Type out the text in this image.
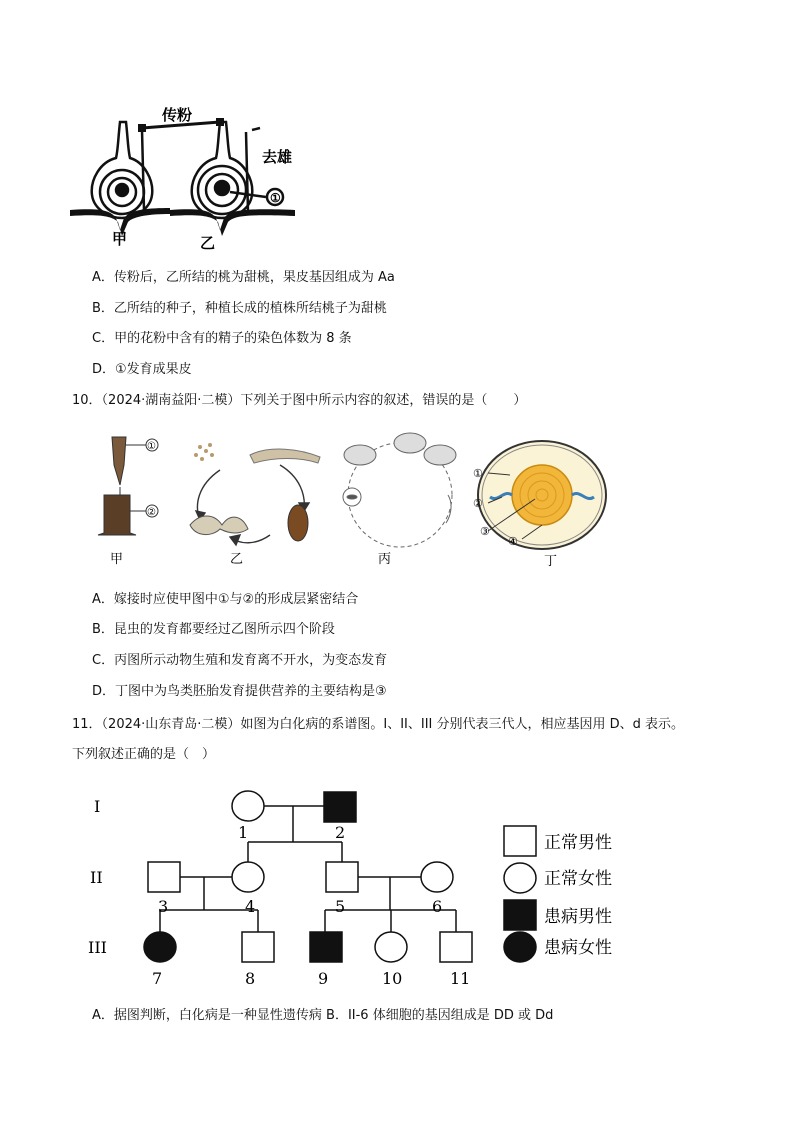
传粉
①
去雄
甲	乙
A．传粉后，乙所结的桃为甜桃，果皮基因组成为 Aa
B．乙所结的种子，种植长成的植株所结桃子为甜桃
C．甲的花粉中含有的精子的染色体数为 8 条
D．①发育成果皮
10．（2024·湖南益阳·二模）下列关于图中所示内容的叙述，错误的是（　　）
①
②
甲	乙	丙
①
②
③
④
丁
A．嫁接时应使甲图中①与②的形成层紧密结合
B．昆虫的发育都要经过乙图所示四个阶段
C．丙图所示动物生殖和发育离不开水，为变态发育
D．丁图中为鸟类胚胎发育提供营养的主要结构是③
11．（2024·山东青岛·二模）如图为白化病的系谱图。I、II、III 分别代表三代人，相应基因用 D、d 表示。
下列叙述正确的是（　）
I
II
III
1	2
3	4	5	6
7	8	9	10	11
正常男性
正常女性
患病男性
患病女性
A．据图判断，白化病是一种显性遗传病 B．II-6 体细胞的基因组成是 DD 或 Dd
